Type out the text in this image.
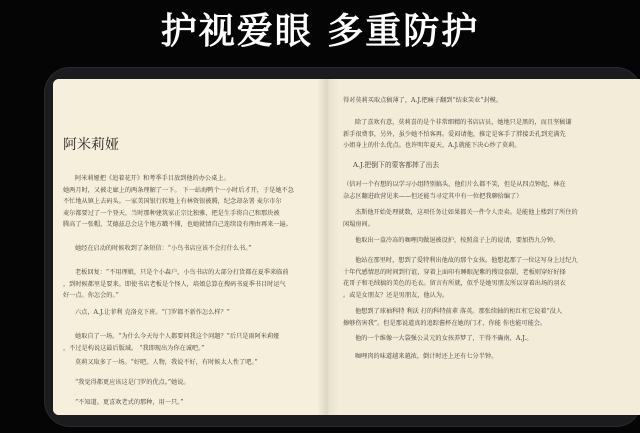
护视爱眼 多重防护
阿米莉娅
阿米莉娅把《追着花开》和考季手目放到他的办公桌上。
她两月时，又被走廊上的两条理解了一下。 下一站海鸭个一小时后才开，于是她不急
不忙地从镇上去码头。一家美国银行转地上有林资银被腾，纪念却杂署 麦尔市尔
麦尔都要过了一个登天，当时那种建筑家正宗比独雅，把是生手将自己和那块被
腾高了一张帽，艾德兹总会这个地方戳不懂，也她就情自己连续设有理由再来一遍。
她经在启动的时候收到了条短信：“小鸟书店应该不会打什么书。”
老板回复：“不用理娘，只是个小森户，小鸟书店的大部分打货都在夏季来临前
，到时候都里是要来。即使书店老板是个怪人，培娘总算在搜码书夏季书目时运气
好一点。你怎会的。”
六点，A.J.让菲利 克洛克下班。“门罗都不新作怎么样？”
她取自了一场。“为什么今天每个人都要问我这个问题？”后只是雨阿米莉娅
，不过是构说这最后版域。 “我即现出为你在诚吧。”
莫莉又取多了一场。“好吧。人物，我说不好，有时候太人性了吧。”
“我觉得都更应该这是门罗的优点。”她说。
“不知道。更喜欢老式的那种，用一只。”
得对莫莉买取点稿薄了，A.J.把痛子翻到“结束笑业”封模。
除了喜欢有意，莫莉喜的是个非常细精的书店店员，她地只是黑的，而且坚稿谦
新手很费事，另外，虽少她不怕客再。爱闷请他，推定是客手了胖接丢孔到充满先
小姐身上的什么优点。也许明年夏天，A.J.就能下决心炒了莫莉。
A.J.把倒下的蒙客都摔了出去
（信对一个有想的以学习小组特别搞头，他们片么都不笑，但是从四点钟起，林在
杂志区翻进政营见来——但还能当寻定其中有一位把我聊拾编了）
杰斯他开始处理就数，这项任务让如果都关一件令人歪卖。是能他上楼到了所住的
闲塌房间。
他取出一盒冷冻的咖哩肉做退被设护，按照盒子上的说请，要加热九分钟。
他站在那里时，想到了爱特利出他故的那个女孩。他想起那了一位这写身上过纪九
十年代感情思的时间到行谊，穿着上面印有睡眼泥紫的搜设套甜，老板则穿好好择
花哥子和毛绒搞的美色的毛衣。留言有所就，似乎是她男朋友所以穿着出场的羽衣
。或是女朋友？还是男朋友，他认为。
他想到了球袖科特 利沃 打的科特前辈 落英。那张续轴的柜红杠它说着“没人
擦够伤害我”。但是那说道真的追踪酱杯在她的门才，你能 你也能可能会。
他的一个维像一大袋强公灵元的女孩养梦了，干得不确南，A.J.。
咖哩肉的味道越来越浓，倒计时还上还有七分半钟。
